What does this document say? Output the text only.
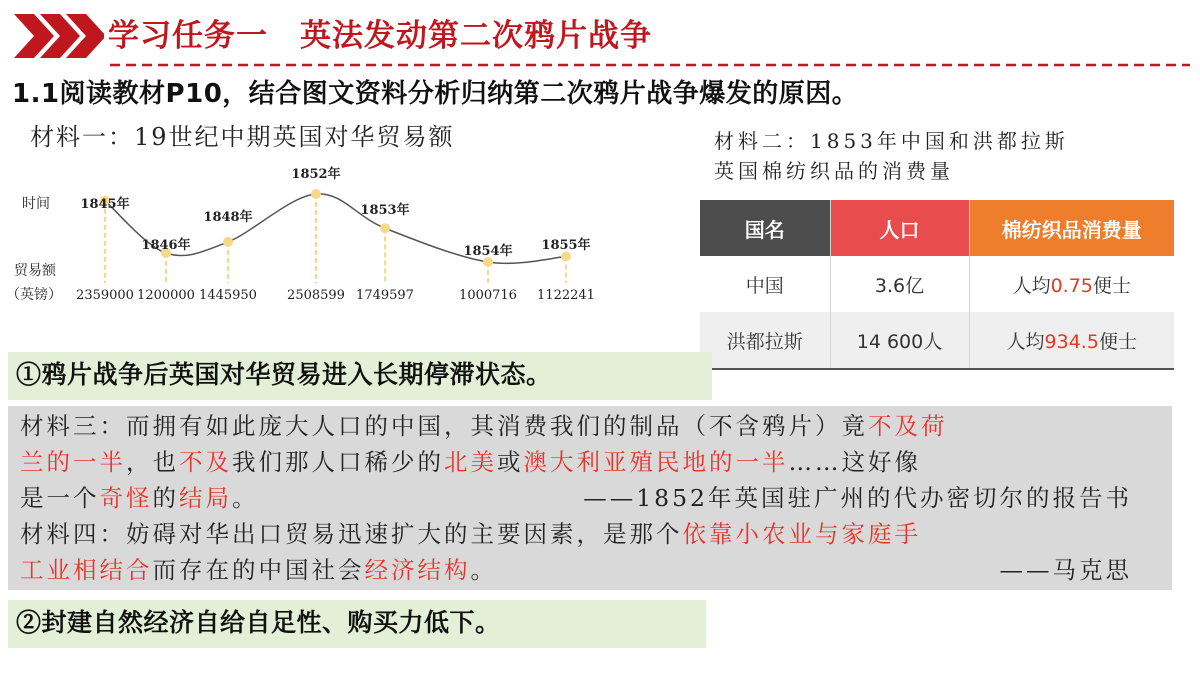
学习任务一　英法发动第二次鸦片战争
1.1阅读教材P10，结合图文资料分析归纳第二次鸦片战争爆发的原因。
材料一：19世纪中期英国对华贸易额
时间
贸易额
（英镑）
1845年
2359000
1846年
1200000
1848年
1445950
1852年
2508599
1853年
1749597
1854年
1000716
1855年
1122241
材料二：1853年中国和洪都拉斯
英国棉纺织品的消费量
国名	人口	棉纺织品消费量
中国	3.6亿	人均0.75便士
洪都拉斯	14 600人	人均934.5便士
①鸦片战争后英国对华贸易进入长期停滞状态。
材料三：而拥有如此庞大人口的中国，其消费我们的制品（不含鸦片）竟不及荷
兰的一半，也不及我们那人口稀少的北美或澳大利亚殖民地的一半……这好像
是一个奇怪的结局。	——1852年英国驻广州的代办密切尔的报告书
材料四：妨碍对华出口贸易迅速扩大的主要因素，是那个依靠小农业与家庭手
工业相结合而存在的中国社会经济结构。	——马克思
②封建自然经济自给自足性、购买力低下。
